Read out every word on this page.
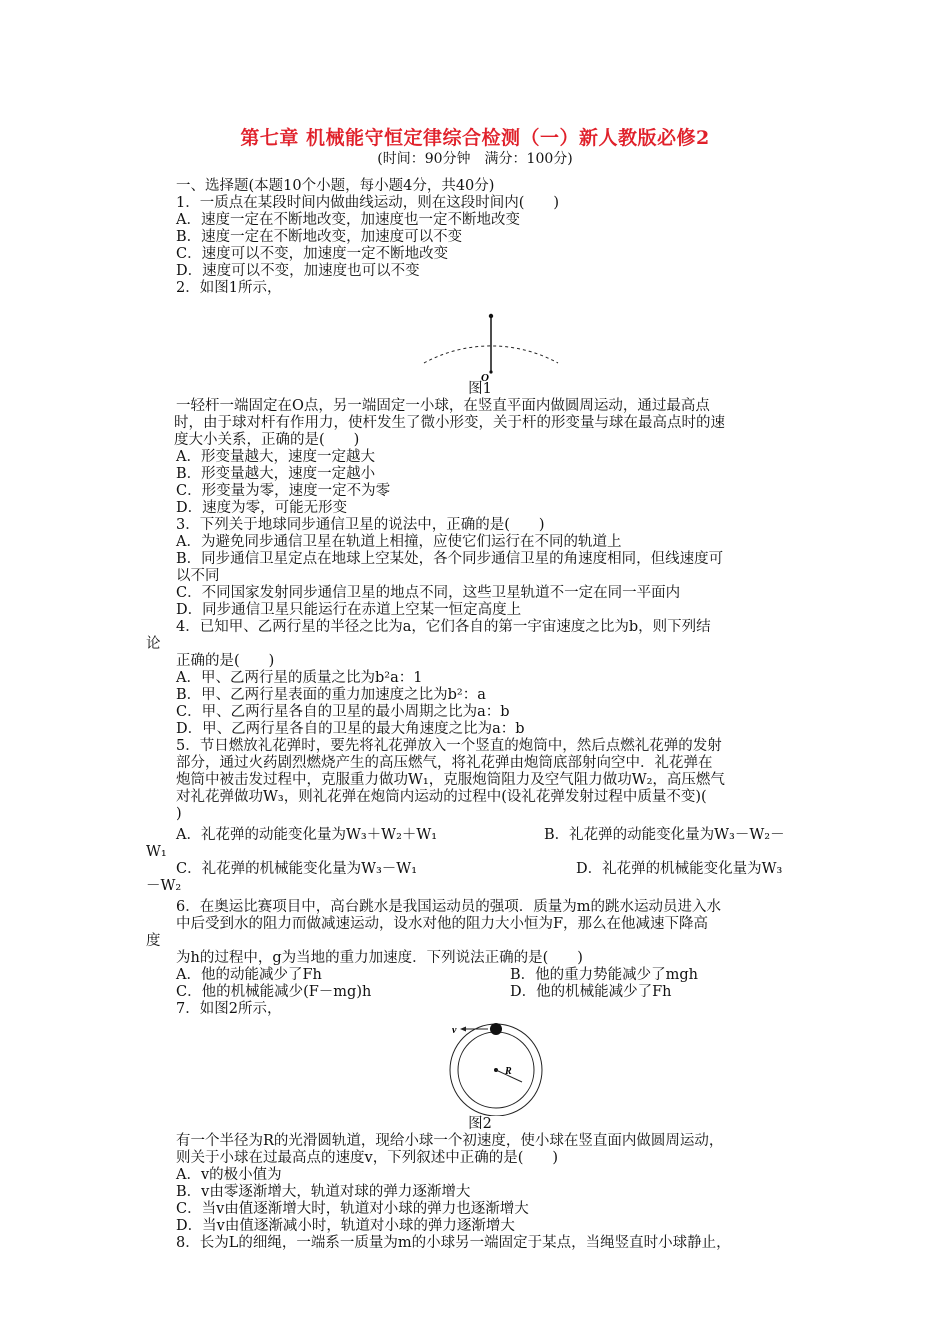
第七章 机械能守恒定律综合检测（一）新人教版必修2
(时间：90分钟　满分：100分)

一、选择题(本题10个小题，每小题4分，共40分)

1．一质点在某段时间内做曲线运动，则在这段时间内(　　)

A．速度一定在不断地改变，加速度也一定不断地改变

B．速度一定在不断地改变，加速度可以不变

C．速度可以不变，加速度一定不断地改变

D．速度可以不变，加速度也可以不变

2．如图1所示，

O

图1

一轻杆一端固定在O点，另一端固定一小球，在竖直平面内做圆周运动，通过最高点

时，由于球对杆有作用力，使杆发生了微小形变，关于杆的形变量与球在最高点时的速

度大小关系，正确的是(　　)

A．形变量越大，速度一定越大

B．形变量越大，速度一定越小

C．形变量为零，速度一定不为零

D．速度为零，可能无形变

3．下列关于地球同步通信卫星的说法中，正确的是(　　)

A．为避免同步通信卫星在轨道上相撞，应使它们运行在不同的轨道上

B．同步通信卫星定点在地球上空某处，各个同步通信卫星的角速度相同，但线速度可

以不同

C．不同国家发射同步通信卫星的地点不同，这些卫星轨道不一定在同一平面内

D．同步通信卫星只能运行在赤道上空某一恒定高度上

4．已知甲、乙两行星的半径之比为a，它们各自的第一宇宙速度之比为b，则下列结

论

正确的是(　　)

A．甲、乙两行星的质量之比为b²a：1

B．甲、乙两行星表面的重力加速度之比为b²：a

C．甲、乙两行星各自的卫星的最小周期之比为a：b

D．甲、乙两行星各自的卫星的最大角速度之比为a：b

5．节日燃放礼花弹时，要先将礼花弹放入一个竖直的炮筒中，然后点燃礼花弹的发射

部分，通过火药剧烈燃烧产生的高压燃气，将礼花弹由炮筒底部射向空中．礼花弹在

炮筒中被击发过程中，克服重力做功W₁，克服炮筒阻力及空气阻力做功W₂，高压燃气

对礼花弹做功W₃，则礼花弹在炮筒内运动的过程中(设礼花弹发射过程中质量不变)(

)

A．礼花弹的动能变化量为W₃＋W₂＋W₁	B．礼花弹的动能变化量为W₃－W₂－

W₁

C．礼花弹的机械能变化量为W₃－W₁	D．礼花弹的机械能变化量为W₃

－W₂

6．在奥运比赛项目中，高台跳水是我国运动员的强项．质量为m的跳水运动员进入水

中后受到水的阻力而做减速运动，设水对他的阻力大小恒为F，那么在他减速下降高

度

为h的过程中，g为当地的重力加速度．下列说法正确的是(　　)

A．他的动能减少了Fh	B．他的重力势能减少了mgh
C．他的机械能减少(F－mg)h	D．他的机械能减少了Fh

7．如图2所示，

v
R

图2

有一个半径为R的光滑圆轨道，现给小球一个初速度，使小球在竖直面内做圆周运动，

则关于小球在过最高点的速度v，下列叙述中正确的是(　　)

A．v的极小值为

B．v由零逐渐增大，轨道对球的弹力逐渐增大

C．当v由值逐渐增大时，轨道对小球的弹力也逐渐增大

D．当v由值逐渐减小时，轨道对小球的弹力逐渐增大

8．长为L的细绳，一端系一质量为m的小球另一端固定于某点，当绳竖直时小球静止，
